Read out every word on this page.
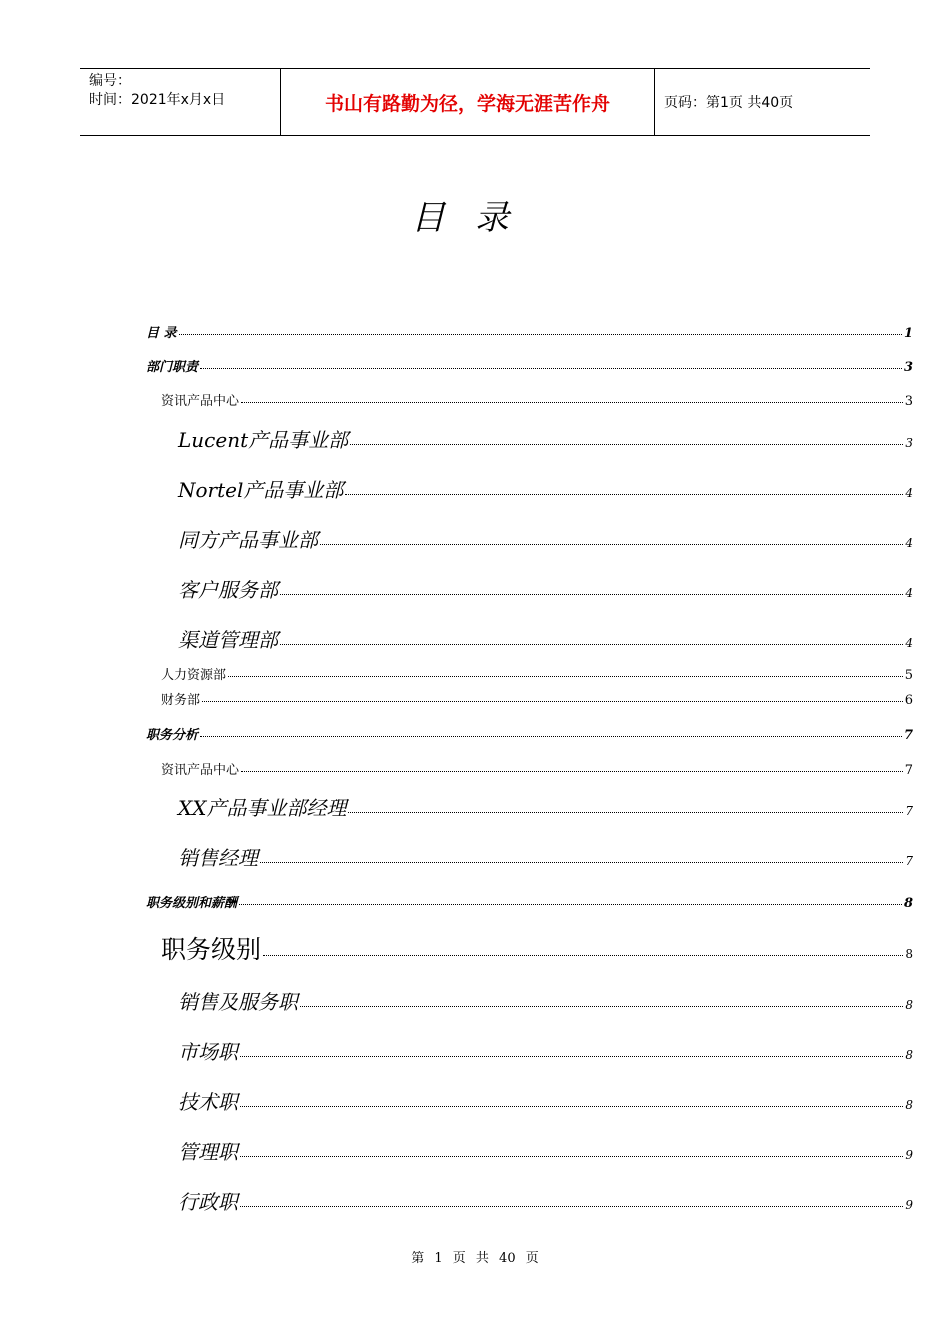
编号：
时间：2021年x月x日	书山有路勤为径，学海无涯苦作舟	页码：第1页 共40页
目录
目 录	1
部门职责	3
资讯产品中心	3
Lucent产品事业部	3
Nortel产品事业部	4
同方产品事业部	4
客户服务部	4
渠道管理部	4
人力资源部	5
财务部	6
职务分析	7
资讯产品中心	7
XX产品事业部经理	7
销售经理	7
职务级别和薪酬	8
职务级别	8
销售及服务职	8
市场职	8
技术职	8
管理职	9
行政职	9
第 1 页 共 40 页
